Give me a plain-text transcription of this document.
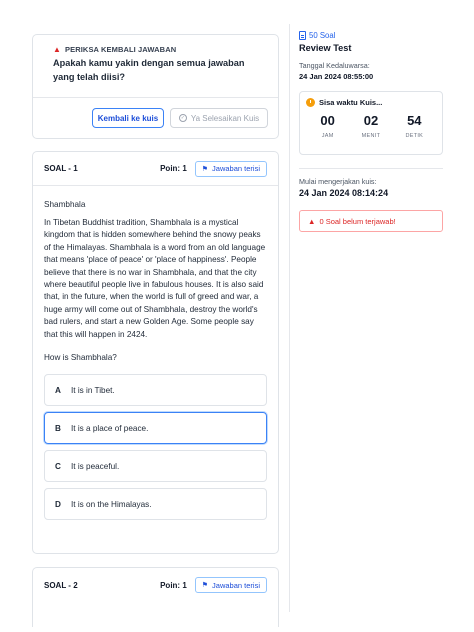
▲ PERIKSA KEMBALI JAWABAN
Apakah kamu yakin dengan semua jawaban yang telah diisi?
Kembali ke kuis	✓ Ya Selesaikan Kuis
SOAL - 1	Poin: 1 ⚑ Jawaban terisi
Shambhala
In Tibetan Buddhist tradition, Shambhala is a mystical kingdom that is hidden somewhere behind the snowy peaks of the Himalayas. Shambhala is a word from an old language that means 'place of peace' or 'place of happiness'. People believe that there is no war in Shambhala, and that the city where beautiful people live in fabulous houses. It is also said that, in the future, when the world is full of greed and war, a huge army will come out of Shambhala, destroy the world's bad rulers, and start a new Golden Age. Some people say that this will happen in 2424.
How is Shambhala?
A	It is in Tibet.
B	It is a place of peace.
C	It is peaceful.
D	It is on the Himalayas.
SOAL - 2	Poin: 1 ⚑ Jawaban terisi
50 Soal
Review Test
Tanggal Kedaluwarsa:
24 Jan 2024 08:55:00
Sisa waktu Kuis...
00
JAM
02
MENIT
54
DETIK
Mulai mengerjakan kuis:
24 Jan 2024 08:14:24
▲ 0 Soal belum terjawab!
